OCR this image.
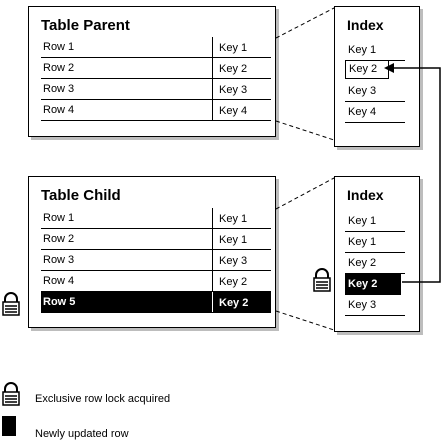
Table Parent
Row 1	Key 1
Row 2	Key 2
Row 3	Key 3
Row 4	Key 4
Index
Key 1
Key 2
Key 3
Key 4
Table Child
Row 1	Key 1
Row 2	Key 1
Row 3	Key 3
Row 4	Key 2
Row 5	Key 2
Index
Key 1
Key 1
Key 2
Key 2
Key 3
Exclusive row lock acquired
Newly updated row
